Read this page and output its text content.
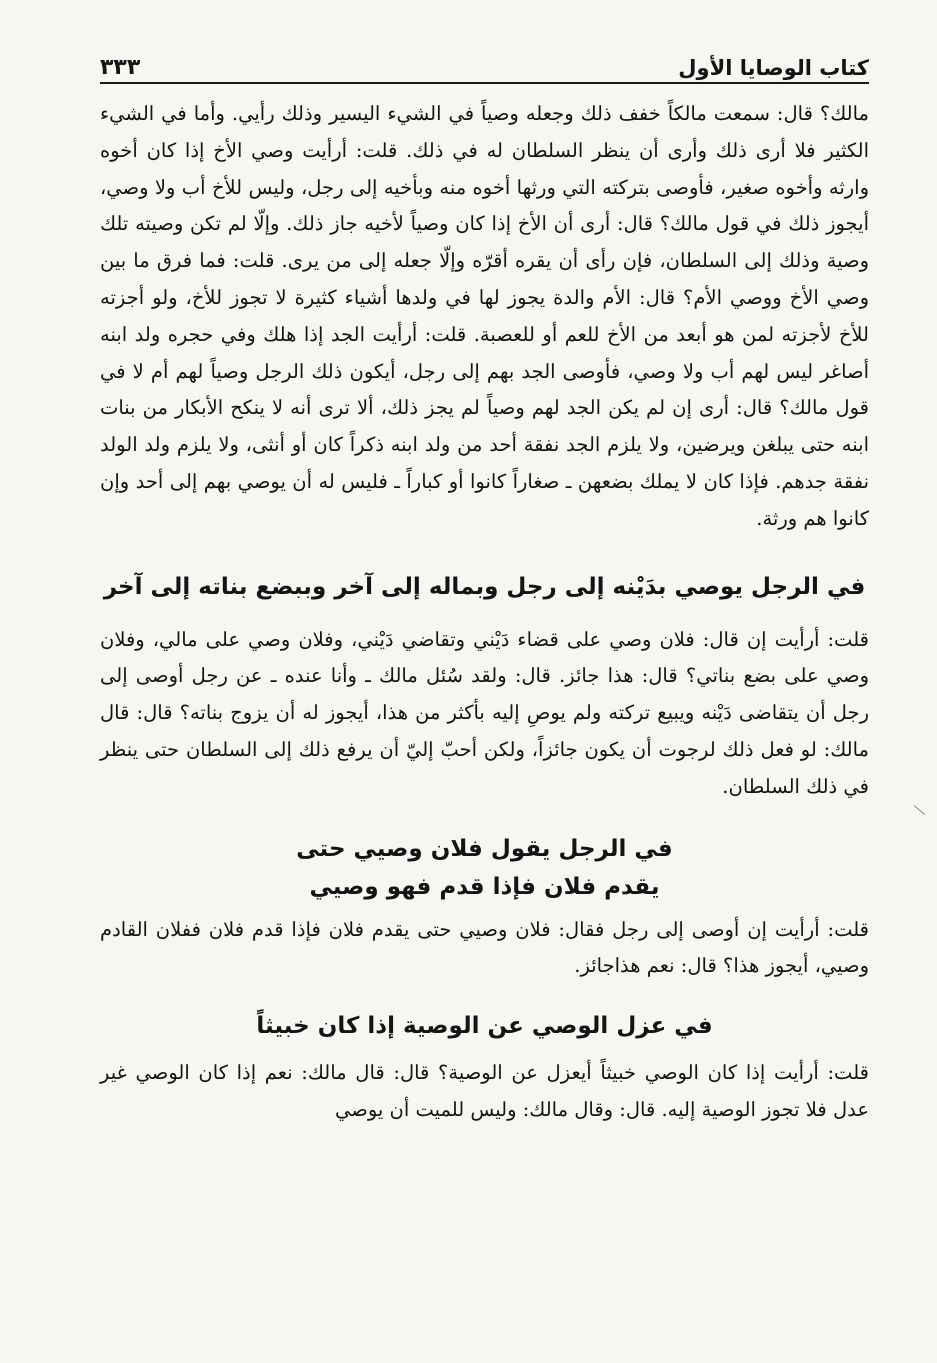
كتاب الوصايا الأول
٣٣٣

مالك؟ قال: سمعت مالكاً خفف ذلك وجعله وصياً في الشيء اليسير وذلك رأيي. وأما في الشيء الكثير فلا أرى ذلك وأرى أن ينظر السلطان له في ذلك. قلت: أرأيت وصي الأخ إذا كان أخوه وارثه وأخوه صغير، فأوصى بتركته التي ورثها أخوه منه وبأخيه إلى رجل، وليس للأخ أب ولا وصي، أيجوز ذلك في قول مالك؟ قال: أرى أن الأخ إذا كان وصياً لأخيه جاز ذلك. وإلّا لم تكن وصيته تلك وصية وذلك إلى السلطان، فإن رأى أن يقره أقرّه وإلّا جعله إلى من يرى. قلت: فما فرق ما بين وصي الأخ ووصي الأم؟ قال: الأم والدة يجوز لها في ولدها أشياء كثيرة لا تجوز للأخ، ولو أجزته للأخ لأجزته لمن هو أبعد من الأخ للعم أو للعصبة. قلت: أرأيت الجد إذا هلك وفي حجره ولد ابنه أصاغر ليس لهم أب ولا وصي، فأوصى الجد بهم إلى رجل، أيكون ذلك الرجل وصياً لهم أم لا في قول مالك؟ قال: أرى إن لم يكن الجد لهم وصياً لم يجز ذلك، ألا ترى أنه لا ينكح الأبكار من بنات ابنه حتى يبلغن ويرضين، ولا يلزم الجد نفقة أحد من ولد ابنه ذكراً كان أو أنثى، ولا يلزم ولد الولد نفقة جدهم. فإذا كان لا يملك بضعهن ـ صغاراً كانوا أو كباراً ـ فليس له أن يوصي بهم إلى أحد وإن كانوا هم ورثة.

في الرجل يوصي بدَيْنه إلى رجل وبماله إلى آخر وببضع بناته إلى آخر

قلت: أرأيت إن قال: فلان وصي على قضاء دَيْني وتقاضي دَيْني، وفلان وصي على مالي، وفلان وصي على بضع بناتي؟ قال: هذا جائز. قال: ولقد سُئل مالك ـ وأنا عنده ـ عن رجل أوصى إلى رجل أن يتقاضى دَيْنه ويبيع تركته ولم يوصِ إليه بأكثر من هذا، أيجوز له أن يزوج بناته؟ قال: قال مالك: لو فعل ذلك لرجوت أن يكون جائزاً، ولكن أحبّ إليّ أن يرفع ذلك إلى السلطان حتى ينظر في ذلك السلطان.

في الرجل يقول فلان وصيي حتى
يقدم فلان فإذا قدم فهو وصيي

قلت: أرأيت إن أوصى إلى رجل فقال: فلان وصيي حتى يقدم فلان فإذا قدم فلان ففلان القادم وصيي، أيجوز هذا؟ قال: نعم هذاجائز.

في عزل الوصي عن الوصية إذا كان خبيثاً

قلت: أرأيت إذا كان الوصي خبيثاً أيعزل عن الوصية؟ قال: قال مالك: نعم إذا كان الوصي غير عدل فلا تجوز الوصية إليه. قال: وقال مالك: وليس للميت أن يوصي
